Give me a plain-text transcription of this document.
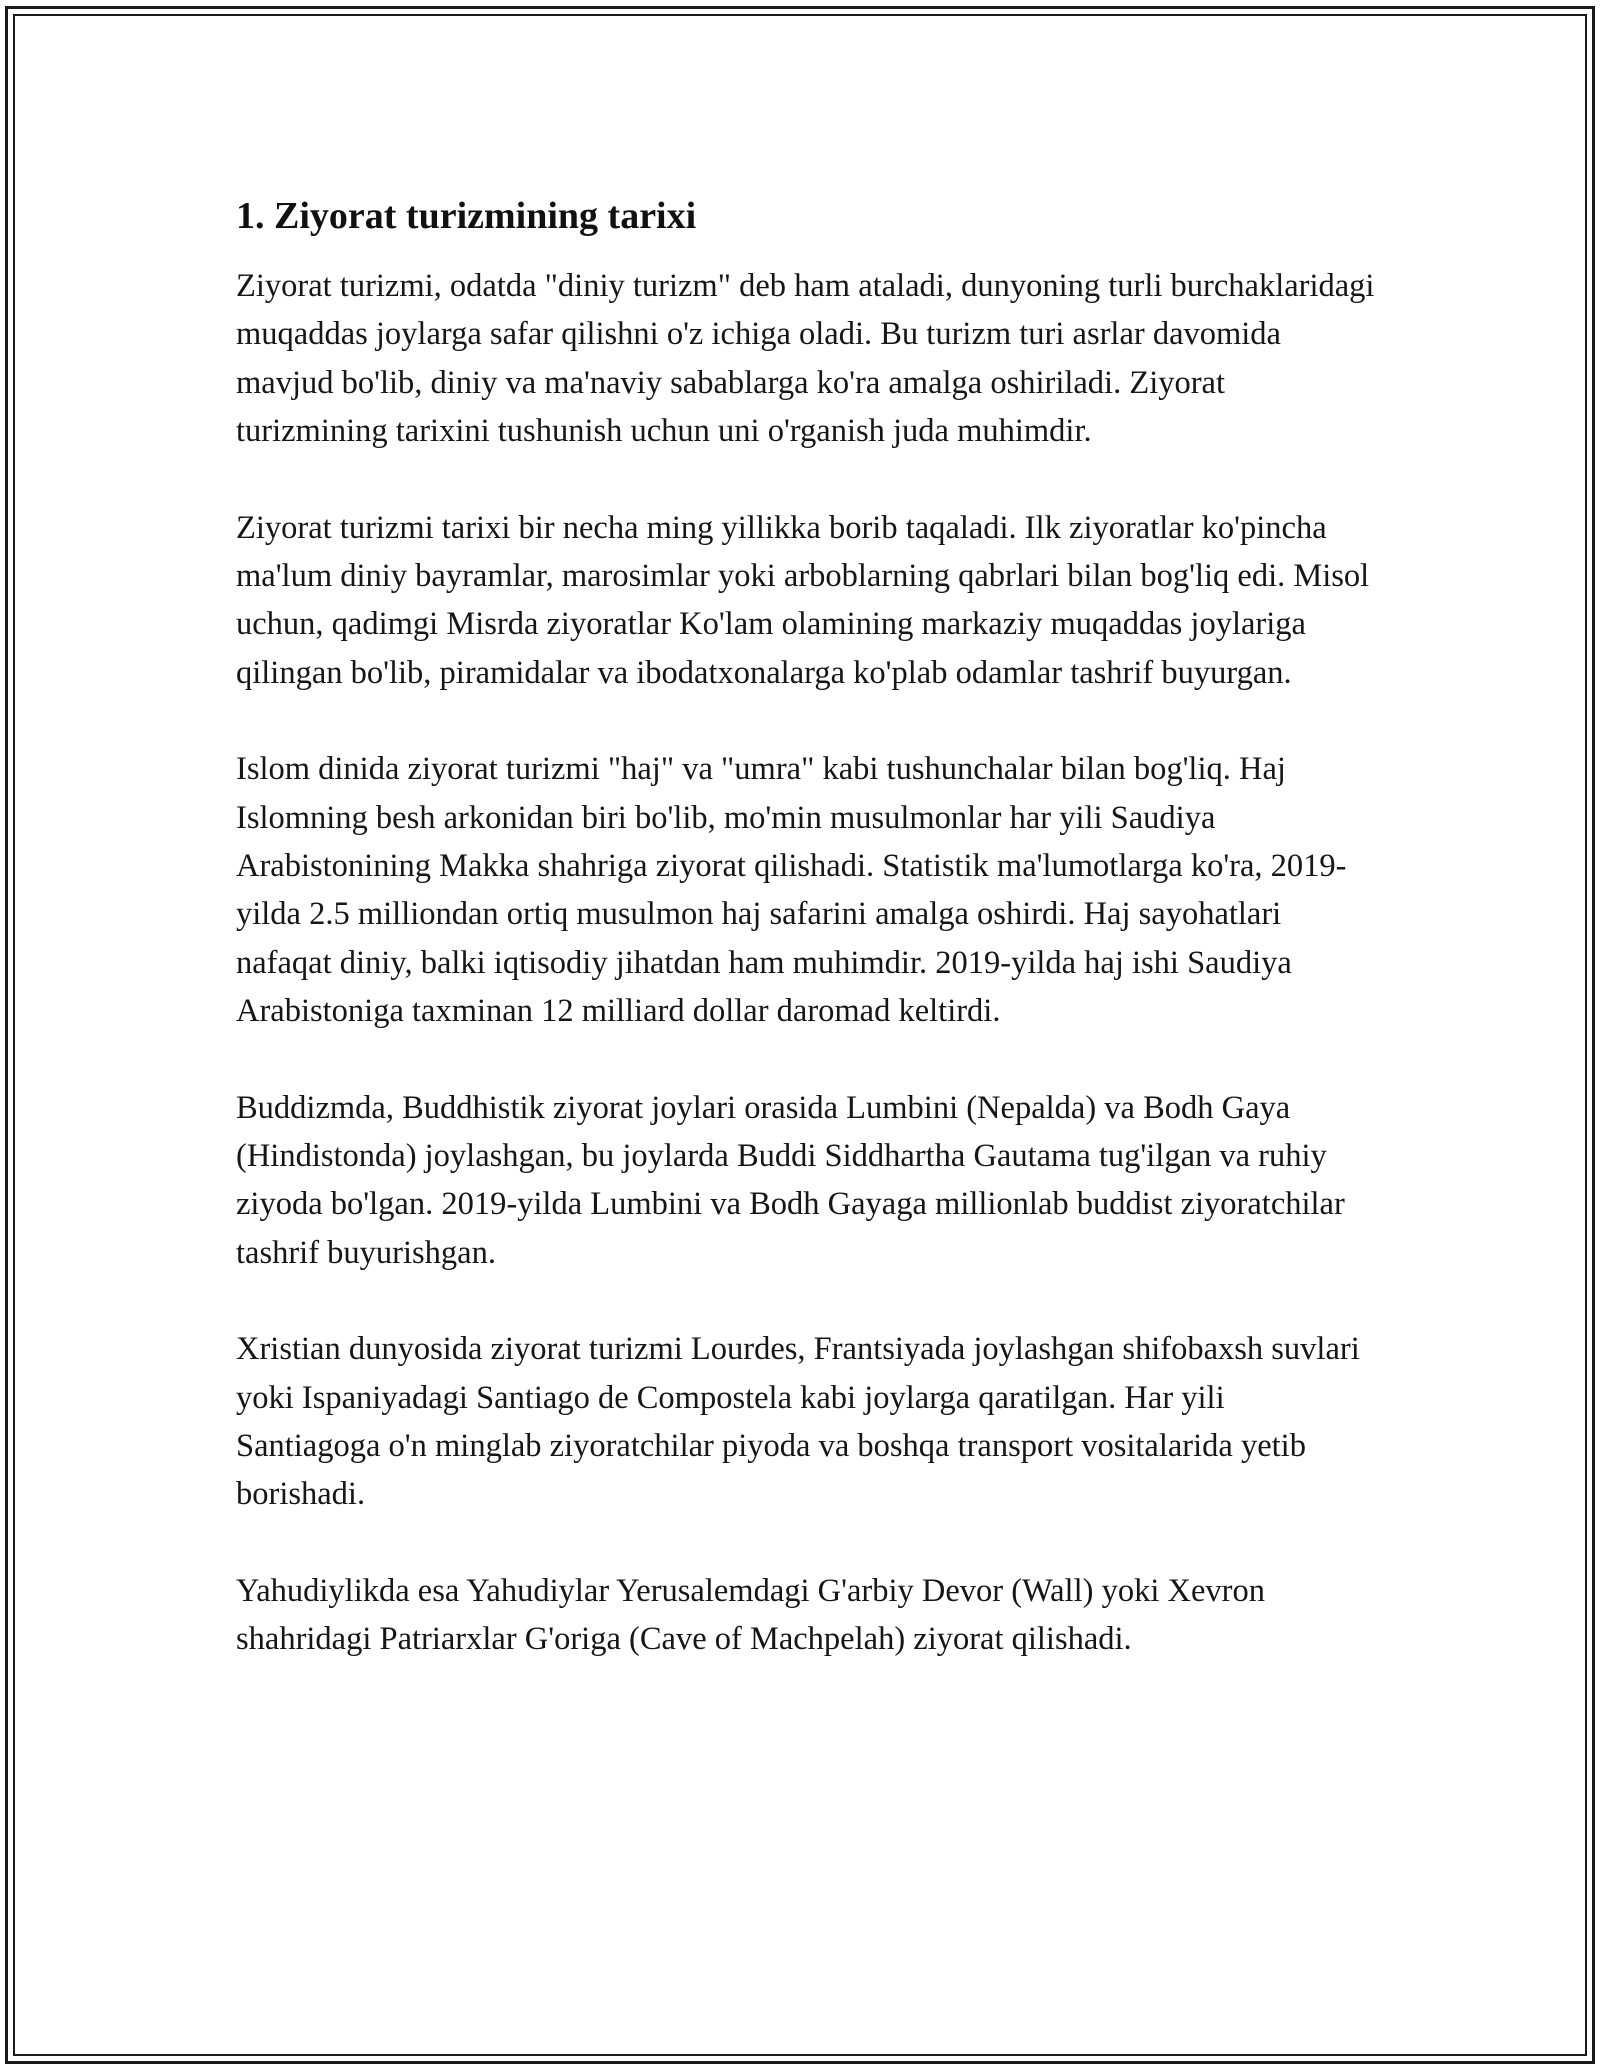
1. Ziyorat turizmining tarixi

Ziyorat turizmi, odatda "diniy turizm" deb ham ataladi, dunyoning turli burchaklaridagi muqaddas joylarga safar qilishni o'z ichiga oladi. Bu turizm turi asrlar davomida mavjud bo'lib, diniy va ma'naviy sabablarga ko'ra amalga oshiriladi. Ziyorat turizmining tarixini tushunish uchun uni o'rganish juda muhimdir.

Ziyorat turizmi tarixi bir necha ming yillikka borib taqaladi. Ilk ziyoratlar ko'pincha ma'lum diniy bayramlar, marosimlar yoki arboblarning qabrlari bilan bog'liq edi. Misol uchun, qadimgi Misrda ziyoratlar Ko'lam olamining markaziy muqaddas joylariga qilingan bo'lib, piramidalar va ibodatxonalarga ko'plab odamlar tashrif buyurgan.

Islom dinida ziyorat turizmi "haj" va "umra" kabi tushunchalar bilan bog'liq. Haj Islomning besh arkonidan biri bo'lib, mo'min musulmonlar har yili Saudiya Arabistonining Makka shahriga ziyorat qilishadi. Statistik ma'lumotlarga ko'ra, 2019-yilda 2.5 milliondan ortiq musulmon haj safarini amalga oshirdi. Haj sayohatlari nafaqat diniy, balki iqtisodiy jihatdan ham muhimdir. 2019-yilda haj ishi Saudiya Arabistoniga taxminan 12 milliard dollar daromad keltirdi.

Buddizmda, Buddhistik ziyorat joylari orasida Lumbini (Nepalda) va Bodh Gaya (Hindistonda) joylashgan, bu joylarda Buddi Siddhartha Gautama tug'ilgan va ruhiy ziyoda bo'lgan. 2019-yilda Lumbini va Bodh Gayaga millionlab buddist ziyoratchilar tashrif buyurishgan.

Xristian dunyosida ziyorat turizmi Lourdes, Frantsiyada joylashgan shifobaxsh suvlari yoki Ispaniyadagi Santiago de Compostela kabi joylarga qaratilgan. Har yili Santiagoga o'n minglab ziyoratchilar piyoda va boshqa transport vositalarida yetib borishadi.

Yahudiylikda esa Yahudiylar Yerusalemdagi G'arbiy Devor (Wall) yoki Xevron shahridagi Patriarxlar G'origa (Cave of Machpelah) ziyorat qilishadi.
